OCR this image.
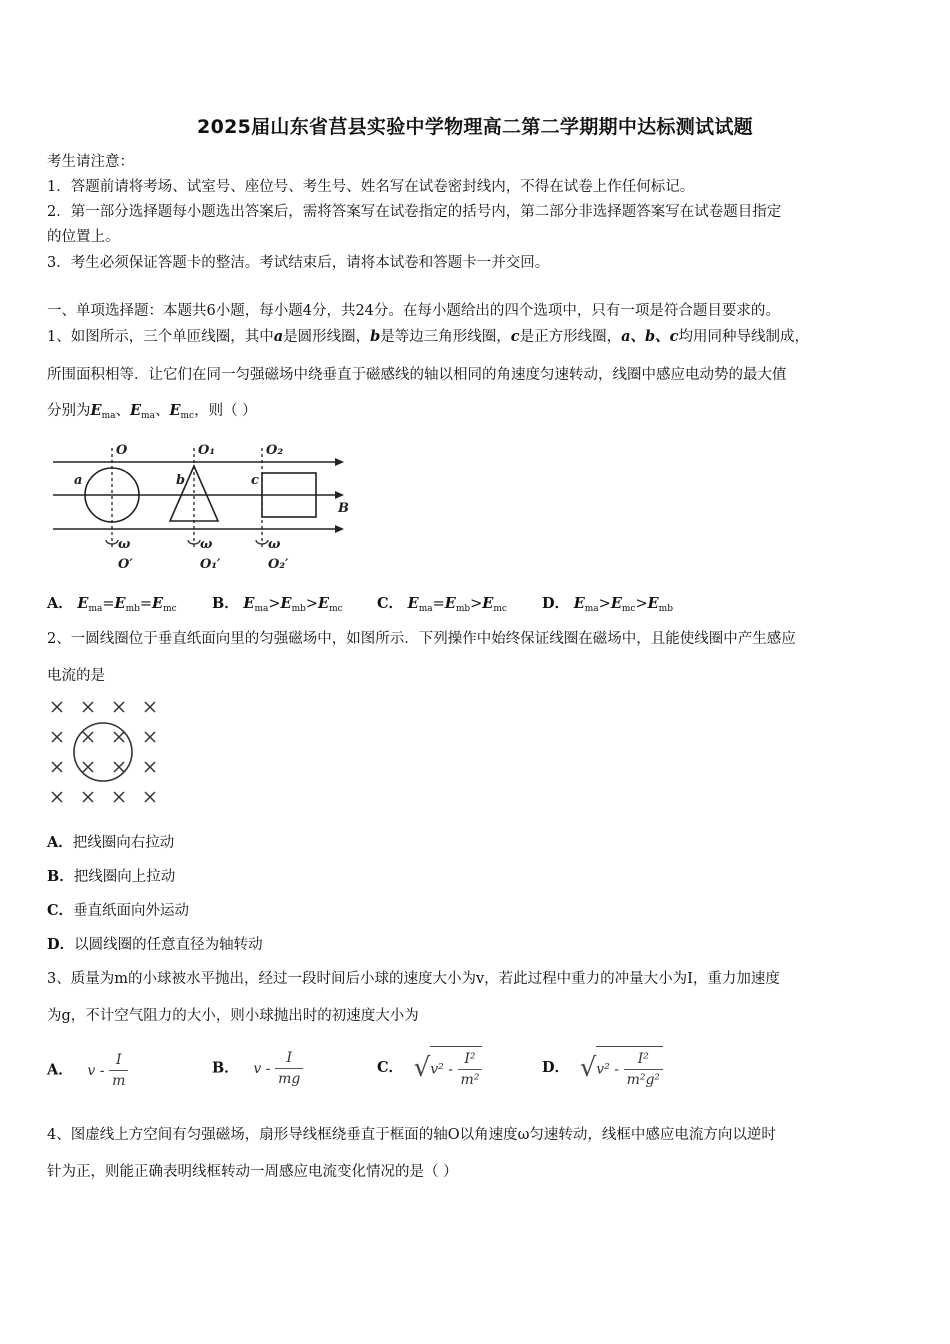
2025届山东省莒县实验中学物理高二第二学期期中达标测试试题
考生请注意：
1．答题前请将考场、试室号、座位号、考生号、姓名写在试卷密封线内，不得在试卷上作任何标记。
2．第一部分选择题每小题选出答案后，需将答案写在试卷指定的括号内，第二部分非选择题答案写在试卷题目指定
的位置上。
3．考生必须保证答题卡的整洁。考试结束后，请将本试卷和答题卡一并交回。
一、单项选择题：本题共6小题，每小题4分，共24分。在每小题给出的四个选项中，只有一项是符合题目要求的。
1、如图所示，三个单匝线圈，其中a是圆形线圈，b是等边三角形线圈，c是正方形线圈，a、b、c均用同种导线制成，
所围面积相等．让它们在同一匀强磁场中绕垂直于磁感线的轴以相同的角速度匀速转动，线圈中感应电动势的最大值
分别为$E_{ma}$、$E_{ma}$、$E_{mc}$，则（ ）
O	O₁	O₂
a	b	c
B
ω	ω	ω
O′	O₁′	O₂′
A． $E_{ma}=E_{mb}=E_{mc}$ B． $E_{ma}>E_{mb}>E_{mc}$ C． $E_{ma}=E_{mb}>E_{mc}$ D． $E_{ma}>E_{mc}>E_{mb}$
2、一圆线圈位于垂直纸面向里的匀强磁场中，如图所示．下列操作中始终保证线圈在磁场中，且能使线圈中产生感应
电流的是
A．把线圈向右拉动
B．把线圈向上拉动
C．垂直纸面向外运动
D．以圆线圈的任意直径为轴转动
3、质量为m的小球被水平抛出，经过一段时间后小球的速度大小为v，若此过程中重力的冲量大小为Ⅰ，重力加速度
为g，不计空气阻力的大小，则小球抛出时的初速度大小为
A． v - $\frac{I}{m}$	B． v - $\frac{I}{mg}$	C． $√v^2 - \frac{\text{I²}}{\text{m²}}$	D． $√v^2 - \frac{\text{I²}}{\text{m²g²}}$
4、图虚线上方空间有匀强磁场，扇形导线框绕垂直于框面的轴O以角速度ω匀速转动，线框中感应电流方向以逆时
针为正，则能正确表明线框转动一周感应电流变化情况的是（ ）
